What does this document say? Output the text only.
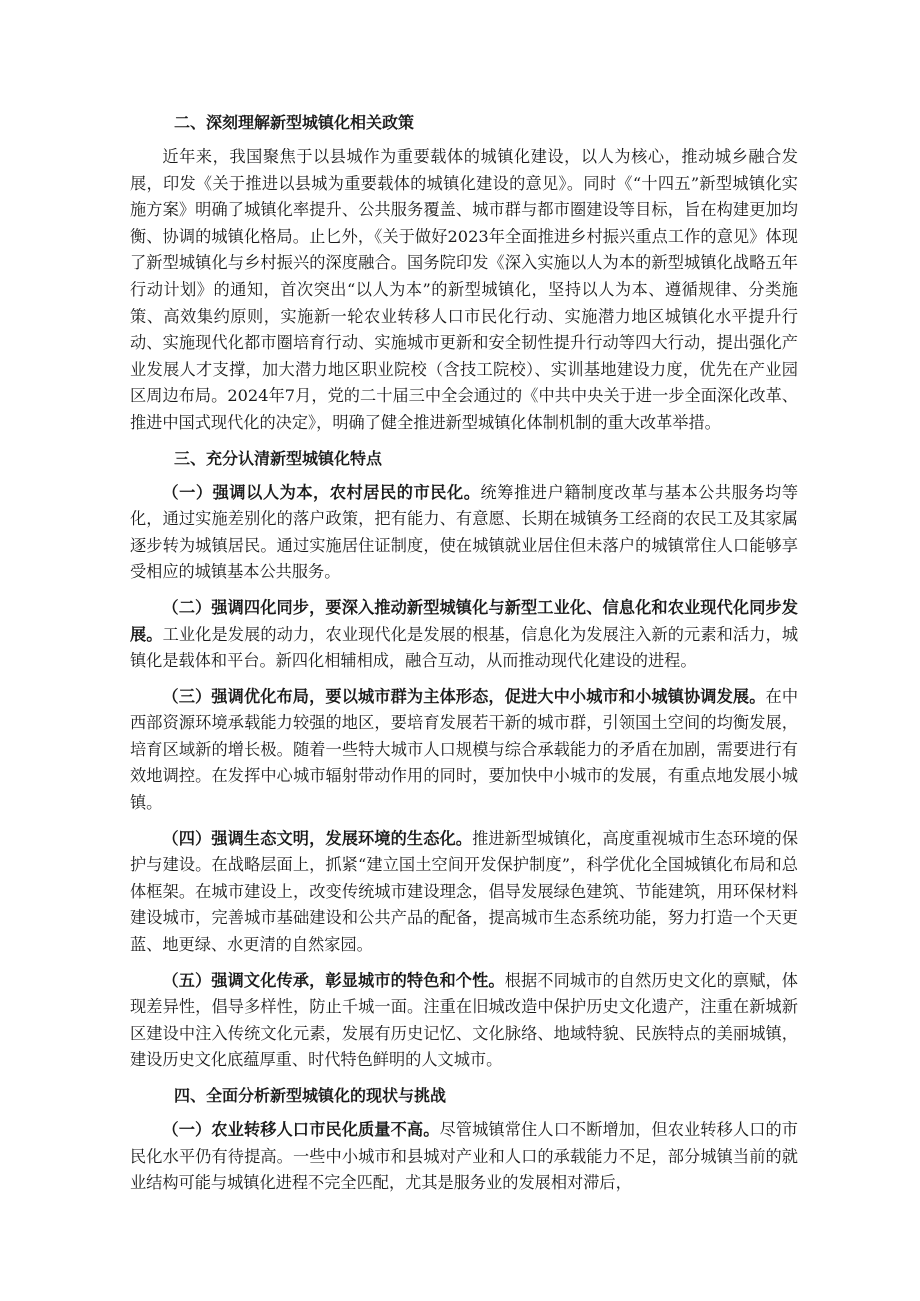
二、深刻理解新型城镇化相关政策

近年来，我国聚焦于以县城作为重要载体的城镇化建设，以人为核心，推动城乡融合发展，印发《关于推进以县城为重要载体的城镇化建设的意见》。同时《“十四五”新型城镇化实施方案》明确了城镇化率提升、公共服务覆盖、城市群与都市圈建设等目标，旨在构建更加均衡、协调的城镇化格局。止匕外，《关于做好2023年全面推进乡村振兴重点工作的意见》体现了新型城镇化与乡村振兴的深度融合。国务院印发《深入实施以人为本的新型城镇化战略五年行动计划》的通知，首次突出“以人为本”的新型城镇化，坚持以人为本、遵循规律、分类施策、高效集约原则，实施新一轮农业转移人口市民化行动、实施潜力地区城镇化水平提升行动、实施现代化都市圈培育行动、实施城市更新和安全韧性提升行动等四大行动，提出强化产业发展人才支撑，加大潜力地区职业院校（含技工院校）、实训基地建设力度，优先在产业园区周边布局。2024年7月，党的二十届三中全会通过的《中共中央关于进一步全面深化改革、推进中国式现代化的决定》，明确了健全推进新型城镇化体制机制的重大改革举措。

三、充分认清新型城镇化特点

（一）强调以人为本，农村居民的市民化。统筹推进户籍制度改革与基本公共服务均等化，通过实施差别化的落户政策，把有能力、有意愿、长期在城镇务工经商的农民工及其家属逐步转为城镇居民。通过实施居住证制度，使在城镇就业居住但未落户的城镇常住人口能够享受相应的城镇基本公共服务。

（二）强调四化同步，要深入推动新型城镇化与新型工业化、信息化和农业现代化同步发展。工业化是发展的动力，农业现代化是发展的根基，信息化为发展注入新的元素和活力，城镇化是载体和平台。新四化相辅相成，融合互动，从而推动现代化建设的进程。

（三）强调优化布局，要以城市群为主体形态，促进大中小城市和小城镇协调发展。在中西部资源环境承载能力较强的地区，要培育发展若干新的城市群，引领国土空间的均衡发展，培育区域新的增长极。随着一些特大城市人口规模与综合承载能力的矛盾在加剧，需要进行有效地调控。在发挥中心城市辐射带动作用的同时，要加快中小城市的发展，有重点地发展小城镇。

（四）强调生态文明，发展环境的生态化。推进新型城镇化，高度重视城市生态环境的保护与建设。在战略层面上，抓紧“建立国土空间开发保护制度”，科学优化全国城镇化布局和总体框架。在城市建设上，改变传统城市建设理念，倡导发展绿色建筑、节能建筑，用环保材料建设城市，完善城市基础建设和公共产品的配备，提高城市生态系统功能，努力打造一个天更蓝、地更绿、水更清的自然家园。

（五）强调文化传承，彰显城市的特色和个性。根据不同城市的自然历史文化的禀赋，体现差异性，倡导多样性，防止千城一面。注重在旧城改造中保护历史文化遗产，注重在新城新区建设中注入传统文化元素，发展有历史记忆、文化脉络、地域特貌、民族特点的美丽城镇，建设历史文化底蕴厚重、时代特色鲜明的人文城市。

四、全面分析新型城镇化的现状与挑战

（一）农业转移人口市民化质量不高。尽管城镇常住人口不断增加，但农业转移人口的市民化水平仍有待提高。一些中小城市和县城对产业和人口的承载能力不足，部分城镇当前的就业结构可能与城镇化进程不完全匹配，尤其是服务业的发展相对滞后，
